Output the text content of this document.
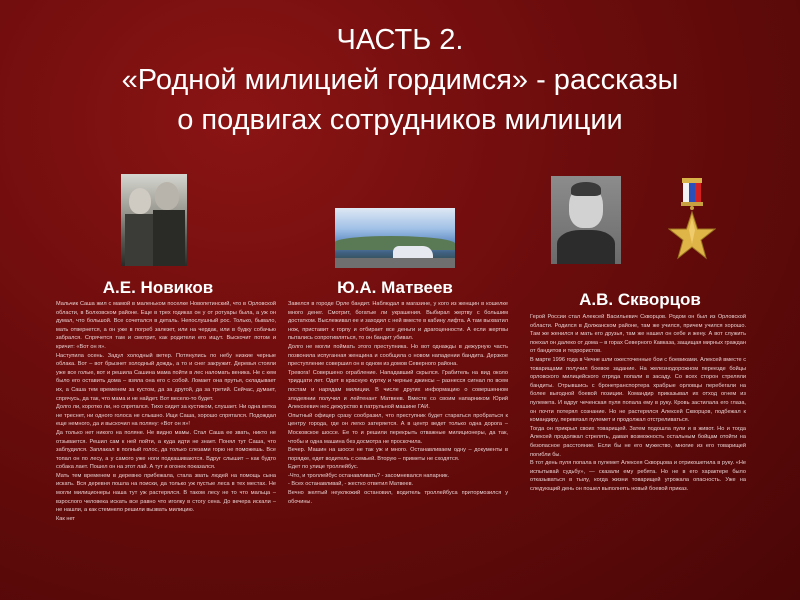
ЧАСТЬ 2.
«Родной милицией гордимся» - рассказы
о подвигах сотрудников милиции
А.Е. Новиков	Ю.А. Матвеев
А.В. Скворцов

Мальчик Саша жил с мамой в маленьком поселке Новопетинский, что в Орловской области, в Болховском районе. Еще в трех годиках он у от ротуары была, а уж он думал, что большой. Все сочетался в деталь. Непослушный рос. Только, бывало, мать отвернется, а он уже в погреб залезет, или на чердак, или в будку собачью забрался. Спрячется там и смотрит, как родители его ищут. Выскочит потом и кричит: «Вот он я».

Наступила осень. Задул холодный ветер. Потянулись по небу низкие черные облака. Вот – вот брызнет холодный дождь, а то и снег закружит. Деревья стояли уже все голые, вот и решила Сашина мама пойти в лес наломать веника. Не с кем было его оставить дома – взяла она его с собой. Ломает она прутья, складывает их, а Саша тем временем за кустом, да за другой, да за третий. Сейчас, думает, спрячусь, да так, что мама и не найдет. Вот весело-то будет.

Долго ли, коротко ли, но спрятался. Тихо сидит за кустиком, слушает. Ни одна ветка не треснет, ни одного голоса не слышно. Ищи Саша, хорошо спрятался. Подождал еще немного, да и выскочил на поляну: «Вот он я»!

Да только нет никого на поляне. Не видно мамы. Стал Саша ее звать, никто не отзывается. Решил сам к ней пойти, а куда идти не знает. Понял тут Саша, что заблудился. Заплакал в полный голос, да только слезами горю не поможешь. Все топал он по лесу, а у самого уже ноги подкашиваются. Вдруг слышит – как будто собака лает. Пошел он на этот лай. А тут и огонек показался.

Мать тем временем в деревню прибежала, стала звать людей на помощь сына искать. Вся деревня пошла на поиски, да только уж пустые леса в тех местах. Не могли милиционеры наша тут уж растерялся. В таком лесу не то что мальца – взрослого человека искать все равно что иголку в стогу сена. До вечера искали – не нашли, а как стемнело решили вызвать милицию.

Как нет

Завелся в городе Орле бандит. Наблюдал в магазине, у кого из женщин в кошелке много денег. Смотрит, богатые ли украшения. Выбирал жертву с большим достатком. Выслеживал ее и заходил с ней вместе в кабину лифта. А там выхватил нож, приставит к горлу и отбирает все деньги и драгоценности. А если жертвы пытались сопротивляться, то он бандит убивал.

Долго не могли поймать этого преступника. Но вот однажды в дежурную часть позвонила испуганная женщина и сообщила о новом нападении бандита. Дерзкое преступление совершил он в одном из домов Северного района.

Тревога! Совершено ограбление. Нападавший скрылся. Грабитель на вид около тридцати лет. Одет в красную куртку и черные джинсы – разнесся сигнал по всем постам и нарядам милиции. В числе других информацию о совершенном злодеянии получил и лейтенант Матвеев. Вместе со своим напарником Юрий Алексеевич нес дежурство в патрульной машине ГАИ.

Опытный офицер сразу сообразил, что преступник будет стараться пробраться к центру города, где он легко затеряется. А в центр ведет только одна дорога – Московское шоссе. Ее то и решили перекрыть отважные милиционеры, да так, чтобы и одна машина без досмотра не проскочила.

Вечер. Машин на шоссе не так уж и много. Останавливаем одну – документы в порядке, едет водитель с семьей. Вторую – приметы не сходятся.

Едет по улице троллейбус.

-Что, и троллейбус останавливать? - засомневался напарник.

- Всех останавливай, - жестко ответил Матвеев.

Вечно желтый неуклюжий остановил, водитель троллейбуса притормозился у обочины.

Герой России стал Алексей Васильевич Скворцов. Родом он был из Орловской области. Родился в Должанском районе, там же учился, причем учился хорошо. Там же женился и мать его друзья, там же нашел он себе и жену. А вот служить поехал он далеко от дома – в горах Северного Кавказа, защищая мирных граждан от бандитов и террористов.

В марте 1996 года в Чечне шли ожесточенные бои с боевиками. Алексей вместе с товарищами получил боевое задание. На железнодорожном переезде бойцы орловского милицейского отряда попали в засаду. Со всех сторон стреляли бандиты. Отрывшись с бронетранспортера храбрые орловцы перебегали на более выгодной боевой позиции. Командир приказывал их отход огнем из пулемета. И вдруг чеченская пуля попала ему в руку. Кровь застилала его глаза, он почти потерял сознание. Но не растерялся Алексей Скворцов, подбежал к командиру, перевязал пулемет и продолжал отстреливаться.

Тогда он прикрыл своих товарищей. Затем подошла пули и в живот. Но и тогда Алексей продолжал стрелять, давая возможность остальным бойцам отойти на безопасное расстояние. Если бы не его мужество, многие из его товарищей погибли бы.

В тот день пуля попала в пулемет Алексея Скворцова и отрикошетила в руку. «Не испытывай судьбу», — сказали ему ребята. Но не в его характере было отказываться в тылу, когда жизни товарищей угрожала опасность. Уже на следующий день он пошел выполнять новый боевой приказ.
